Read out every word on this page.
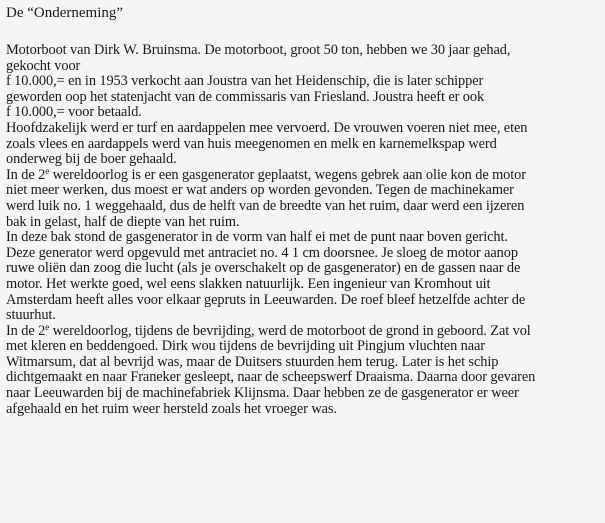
De “Onderneming”
Motorboot van Dirk W. Bruinsma. De motorboot, groot 50 ton, hebben we 30 jaar gehad,
gekocht voor
f 10.000,= en in 1953 verkocht aan Joustra van het Heidenschip, die is later schipper
geworden oop het statenjacht van de commissaris van Friesland. Joustra heeft er ook
f 10.000,= voor betaald.
Hoofdzakelijk werd er turf en aardappelen mee vervoerd. De vrouwen voeren niet mee, eten
zoals vlees en aardappels werd van huis meegenomen en melk en karnemelkspap werd
onderweg bij de boer gehaald.
In de 2e wereldoorlog is er een gasgenerator geplaatst, wegens gebrek aan olie kon de motor
niet meer werken, dus moest er wat anders op worden gevonden. Tegen de machinekamer
werd luik no. 1 weggehaald, dus de helft van de breedte van het ruim, daar werd een ijzeren
bak in gelast, half de diepte van het ruim.
In deze bak stond de gasgenerator in de vorm van half ei met de punt naar boven gericht.
Deze generator werd opgevuld met antraciet no. 4 1 cm doorsnee. Je sloeg de motor aanop
ruwe oliën dan zoog die lucht (als je overschakelt op de gasgenerator) en de gassen naar de
motor. Het werkte goed, wel eens slakken natuurlijk. Een ingenieur van Kromhout uit
Amsterdam heeft alles voor elkaar gepruts in Leeuwarden. De roef bleef hetzelfde achter de
stuurhut.
In de 2e wereldoorlog, tijdens de bevrijding, werd de motorboot de grond in geboord. Zat vol
met kleren en beddengoed. Dirk wou tijdens de bevrijding uit Pingjum vluchten naar
Witmarsum, dat al bevrijd was, maar de Duitsers stuurden hem terug. Later is het schip
dichtgemaakt en naar Franeker gesleept, naar de scheepswerf Draaisma. Daarna door gevaren
naar Leeuwarden bij de machinefabriek Klijnsma. Daar hebben ze de gasgenerator er weer
afgehaald en het ruim weer hersteld zoals het vroeger was.
